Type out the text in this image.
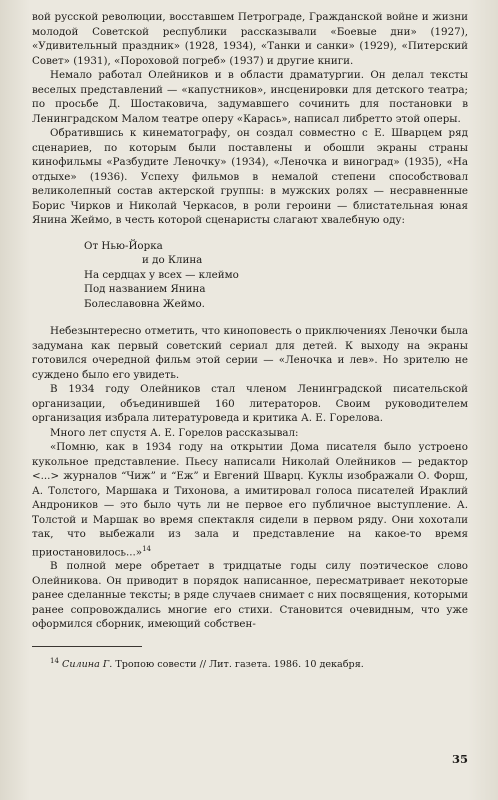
вой русской революции, восставшем Петрограде, Гражданской войне и жизни молодой Советской республики рассказывали «Боевые дни» (1927), «Удивительный праздник» (1928, 1934), «Танки и санки» (1929), «Питерский Совет» (1931), «Пороховой погреб» (1937) и другие книги.

Немало работал Олейников и в области драматургии. Он делал тексты веселых представлений — «капустников», инсценировки для детского театра; по просьбе Д. Шостаковича, задумавшего сочинить для постановки в Ленинградском Малом театре оперу «Карась», написал либретто этой оперы.

Обратившись к кинематографу, он создал совместно с Е. Шварцем ряд сценариев, по которым были поставлены и обошли экраны страны кинофильмы «Разбудите Леночку» (1934), «Леночка и виноград» (1935), «На отдыхе» (1936). Успеху фильмов в немалой степени способствовал великолепный состав актерской группы: в мужских ролях — несравненные Борис Чирков и Николай Черкасов, в роли героини — блистательная юная Янина Жеймо, в честь которой сценаристы слагают хвалебную оду:

От Нью-Йорка
и до Клина
На сердцах у всех — клеймо
Под названием Янина
Болеславовна Жеймо.

Небезынтересно отметить, что киноповесть о приключениях Леночки была задумана как первый советский сериал для детей. К выходу на экраны готовился очередной фильм этой серии — «Леночка и лев». Но зрителю не суждено было его увидеть.

В 1934 году Олейников стал членом Ленинградской писательской организации, объединившей 160 литераторов. Своим руководителем организация избрала литературоведа и критика А. Е. Горелова.

Много лет спустя А. Е. Горелов рассказывал:

«Помню, как в 1934 году на открытии Дома писателя было устроено кукольное представление. Пьесу написали Николай Олейников — редактор <...> журналов “Чиж” и “Еж” и Евгений Шварц. Куклы изображали О. Форш, А. Толстого, Маршака и Тихонова, а имитировал голоса писателей Ираклий Андроников — это было чуть ли не первое его публичное выступление. А. Толстой и Маршак во время спектакля сидели в первом ряду. Они хохотали так, что выбежали из зала и представление на какое-то время приостановилось...»$^{14}$

В полной мере обретает в тридцатые годы силу поэтическое слово Олейникова. Он приводит в порядок написанное, пересматривает некоторые ранее сделанные тексты; в ряде случаев снимает с них посвящения, которыми ранее сопровождались многие его стихи. Становится очевидным, что уже оформился сборник, имеющий собствен-

$^{14}$ Силина Г. Тропою совести // Лит. газета. 1986. 10 декабря.
35
